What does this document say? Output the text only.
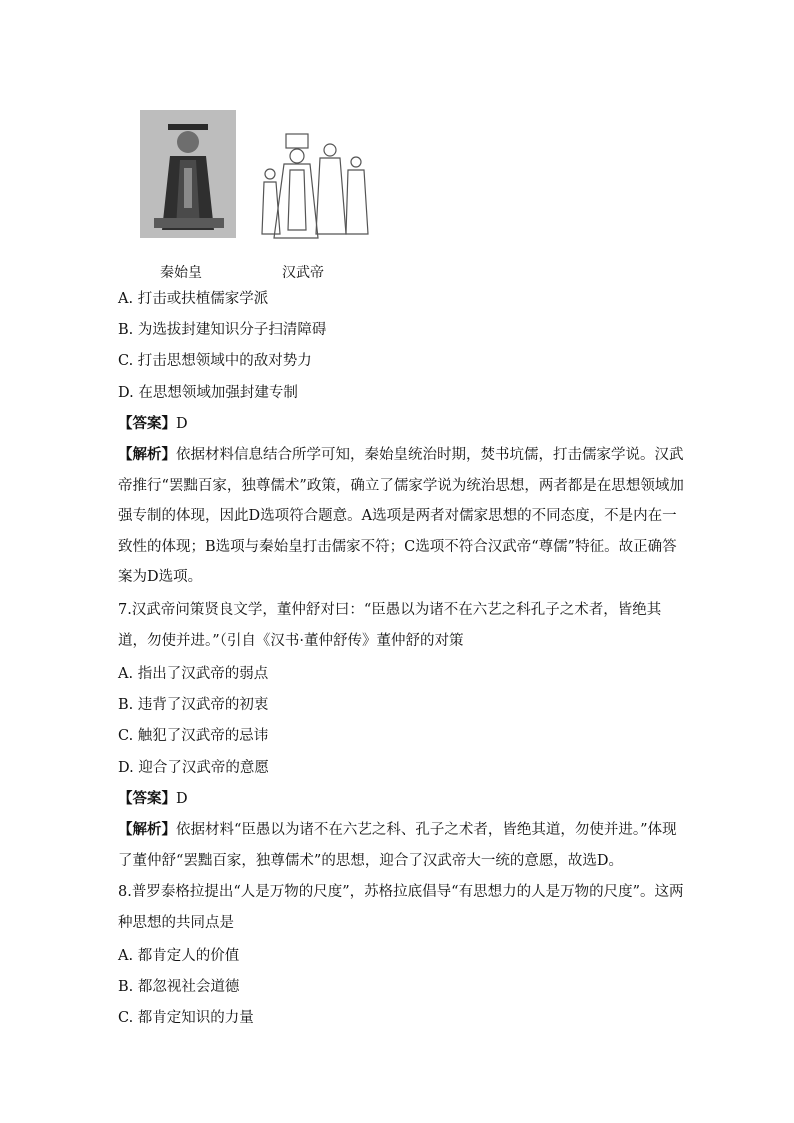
秦始皇	汉武帝
A. 打击或扶植儒家学派
B. 为选拔封建知识分子扫清障碍
C. 打击思想领域中的敌对势力
D. 在思想领域加强封建专制
【答案】D
【解析】依据材料信息结合所学可知，秦始皇统治时期，焚书坑儒，打击儒家学说。汉武帝推行“罢黜百家，独尊儒术”政策，确立了儒家学说为统治思想，两者都是在思想领域加强专制的体现，因此D选项符合题意。A选项是两者对儒家思想的不同态度，不是内在一致性的体现；B选项与秦始皇打击儒家不符；C选项不符合汉武帝“尊儒”特征。故正确答案为D选项。
7.汉武帝问策贤良文学，董仲舒对曰：“臣愚以为诸不在六艺之科孔子之术者，皆绝其道，勿使并进。”（引自《汉书·董仲舒传》董仲舒的对策
A. 指出了汉武帝的弱点
B. 违背了汉武帝的初衷
C. 触犯了汉武帝的忌讳
D. 迎合了汉武帝的意愿
【答案】D
【解析】依据材料“臣愚以为诸不在六艺之科、孔子之术者，皆绝其道，勿使并进。”体现了董仲舒“罢黜百家，独尊儒术”的思想，迎合了汉武帝大一统的意愿，故选D。
8.普罗泰格拉提出“人是万物的尺度”，苏格拉底倡导“有思想力的人是万物的尺度”。这两种思想的共同点是
A. 都肯定人的价值
B. 都忽视社会道德
C. 都肯定知识的力量
